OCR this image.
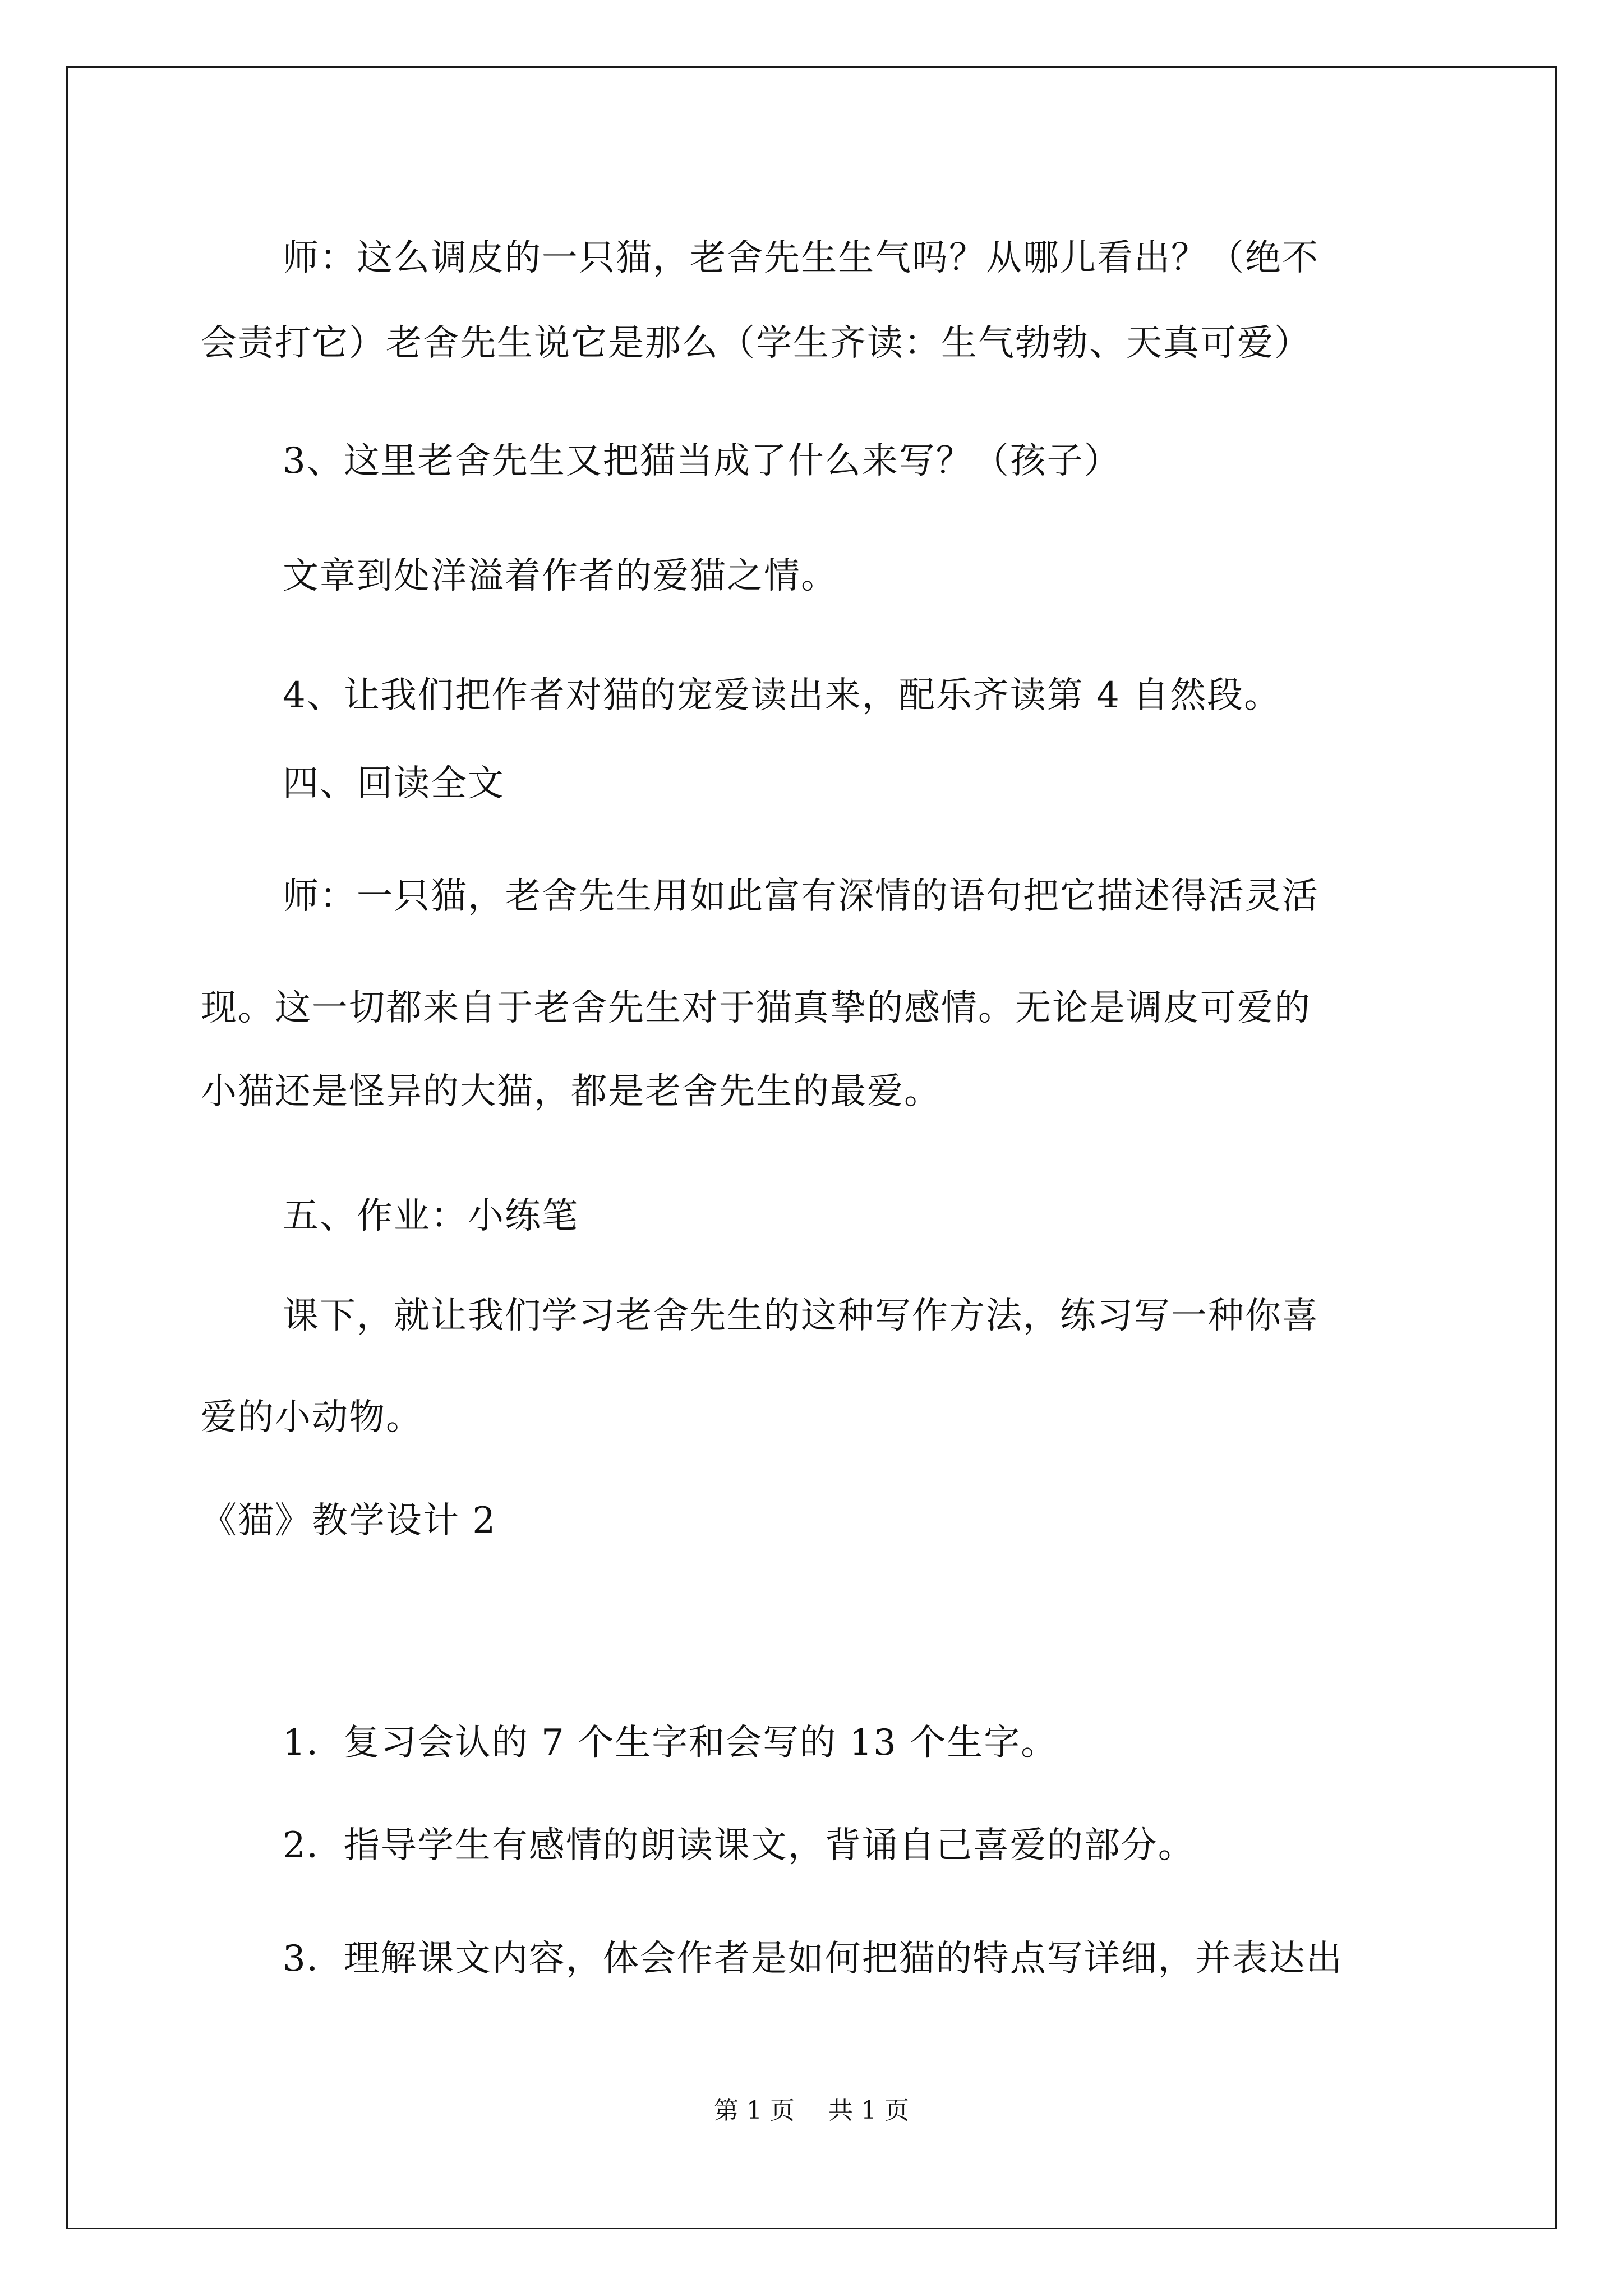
师：这么调皮的一只猫，老舍先生生气吗？从哪儿看出？（绝不
会责打它）老舍先生说它是那么（学生齐读：生气勃勃、天真可爱）
3、这里老舍先生又把猫当成了什么来写？（孩子）
文章到处洋溢着作者的爱猫之情。
4、让我们把作者对猫的宠爱读出来，配乐齐读第 4 自然段。
四、回读全文
师：一只猫，老舍先生用如此富有深情的语句把它描述得活灵活
现。这一切都来自于老舍先生对于猫真挚的感情。无论是调皮可爱的
小猫还是怪异的大猫，都是老舍先生的最爱。
五、作业：小练笔
课下，就让我们学习老舍先生的这种写作方法，练习写一种你喜
爱的小动物。
《猫》教学设计 2
1．复习会认的 7 个生字和会写的 13 个生字。
2．指导学生有感情的朗读课文，背诵自己喜爱的部分。
3．理解课文内容，体会作者是如何把猫的特点写详细，并表达出
第 1 页 共 1 页
